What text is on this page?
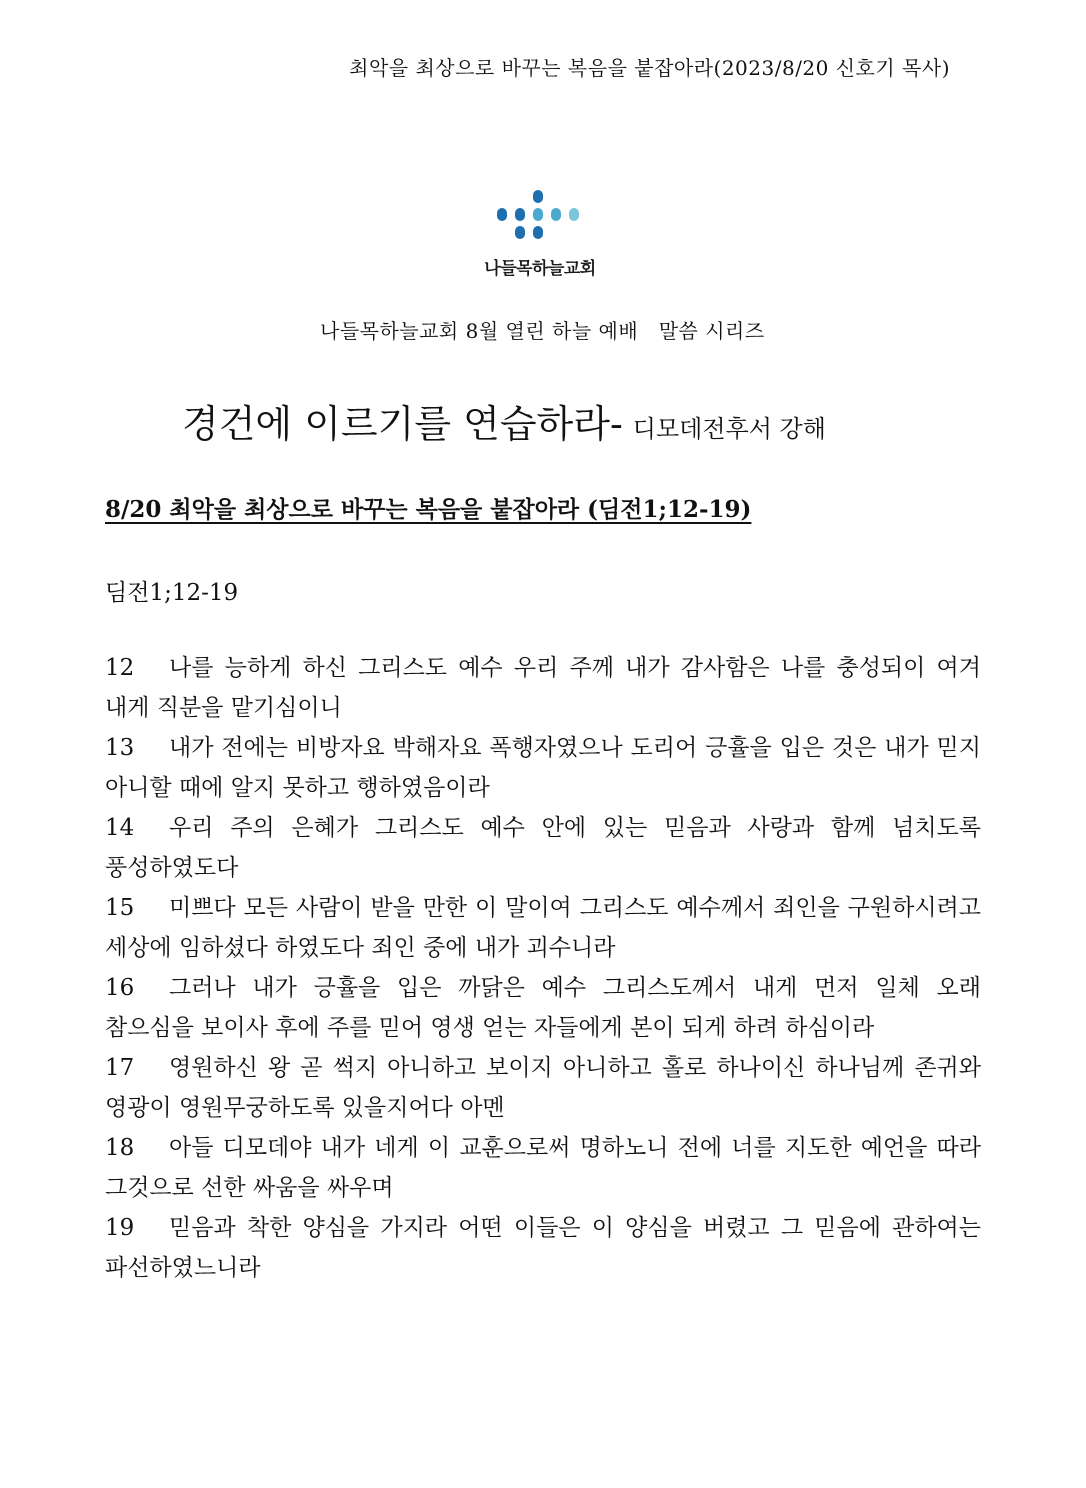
최악을 최상으로 바꾸는 복음을 붙잡아라(2023/8/20 신호기 목사)
나들목하늘교회
나들목하늘교회 8월 열린 하늘 예배   말씀 시리즈
경건에 이르기를 연습하라- 디모데전후서 강해
8/20 최악을 최상으로 바꾸는 복음을 붙잡아라 (딤전1;12-19)
딤전1;12-19
12 나를 능하게 하신 그리스도 예수 우리 주께 내가 감사함은 나를 충성되이 여겨 내게 직분을 맡기심이니
13 내가 전에는 비방자요 박해자요 폭행자였으나 도리어 긍휼을 입은 것은 내가 믿지 아니할 때에 알지 못하고 행하였음이라
14 우리 주의 은혜가 그리스도 예수 안에 있는 믿음과 사랑과 함께 넘치도록 풍성하였도다
15 미쁘다 모든 사람이 받을 만한 이 말이여 그리스도 예수께서 죄인을 구원하시려고 세상에 임하셨다 하였도다 죄인 중에 내가 괴수니라
16 그러나 내가 긍휼을 입은 까닭은 예수 그리스도께서 내게 먼저 일체 오래 참으심을 보이사 후에 주를 믿어 영생 얻는 자들에게 본이 되게 하려 하심이라
17 영원하신 왕 곧 썩지 아니하고 보이지 아니하고 홀로 하나이신 하나님께 존귀와 영광이 영원무궁하도록 있을지어다 아멘
18 아들 디모데야 내가 네게 이 교훈으로써 명하노니 전에 너를 지도한 예언을 따라 그것으로 선한 싸움을 싸우며
19 믿음과 착한 양심을 가지라 어떤 이들은 이 양심을 버렸고 그 믿음에 관하여는 파선하였느니라
